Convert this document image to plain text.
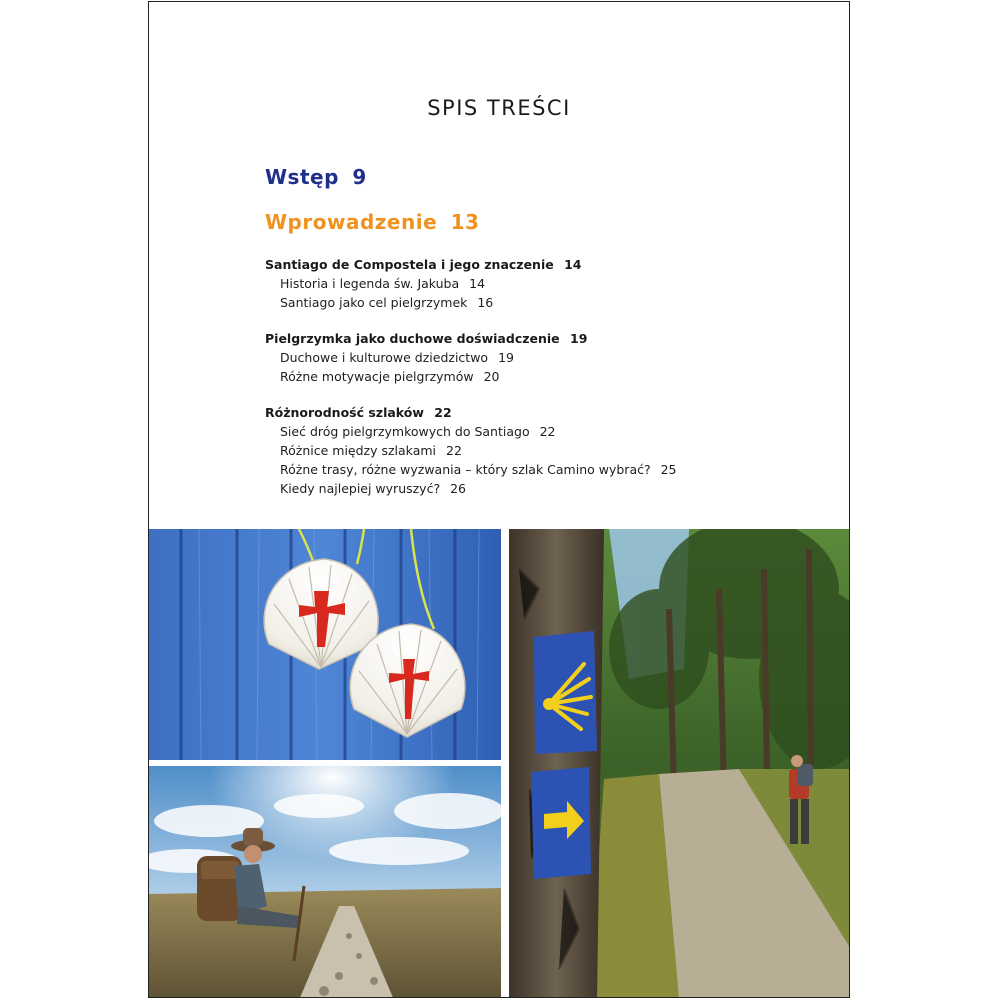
SPIS TREŚCI
Wstęp 9
Wprowadzenie 13
Santiago de Compostela i jego znaczenie 14
Historia i legenda św. Jakuba 14
Santiago jako cel pielgrzymek 16
Pielgrzymka jako duchowe doświadczenie 19
Duchowe i kulturowe dziedzictwo 19
Różne motywacje pielgrzymów 20
Różnorodność szlaków 22
Sieć dróg pielgrzymkowych do Santiago 22
Różnice między szlakami 22
Różne trasy, różne wyzwania – który szlak Camino wybrać? 25
Kiedy najlepiej wyruszyć? 26
